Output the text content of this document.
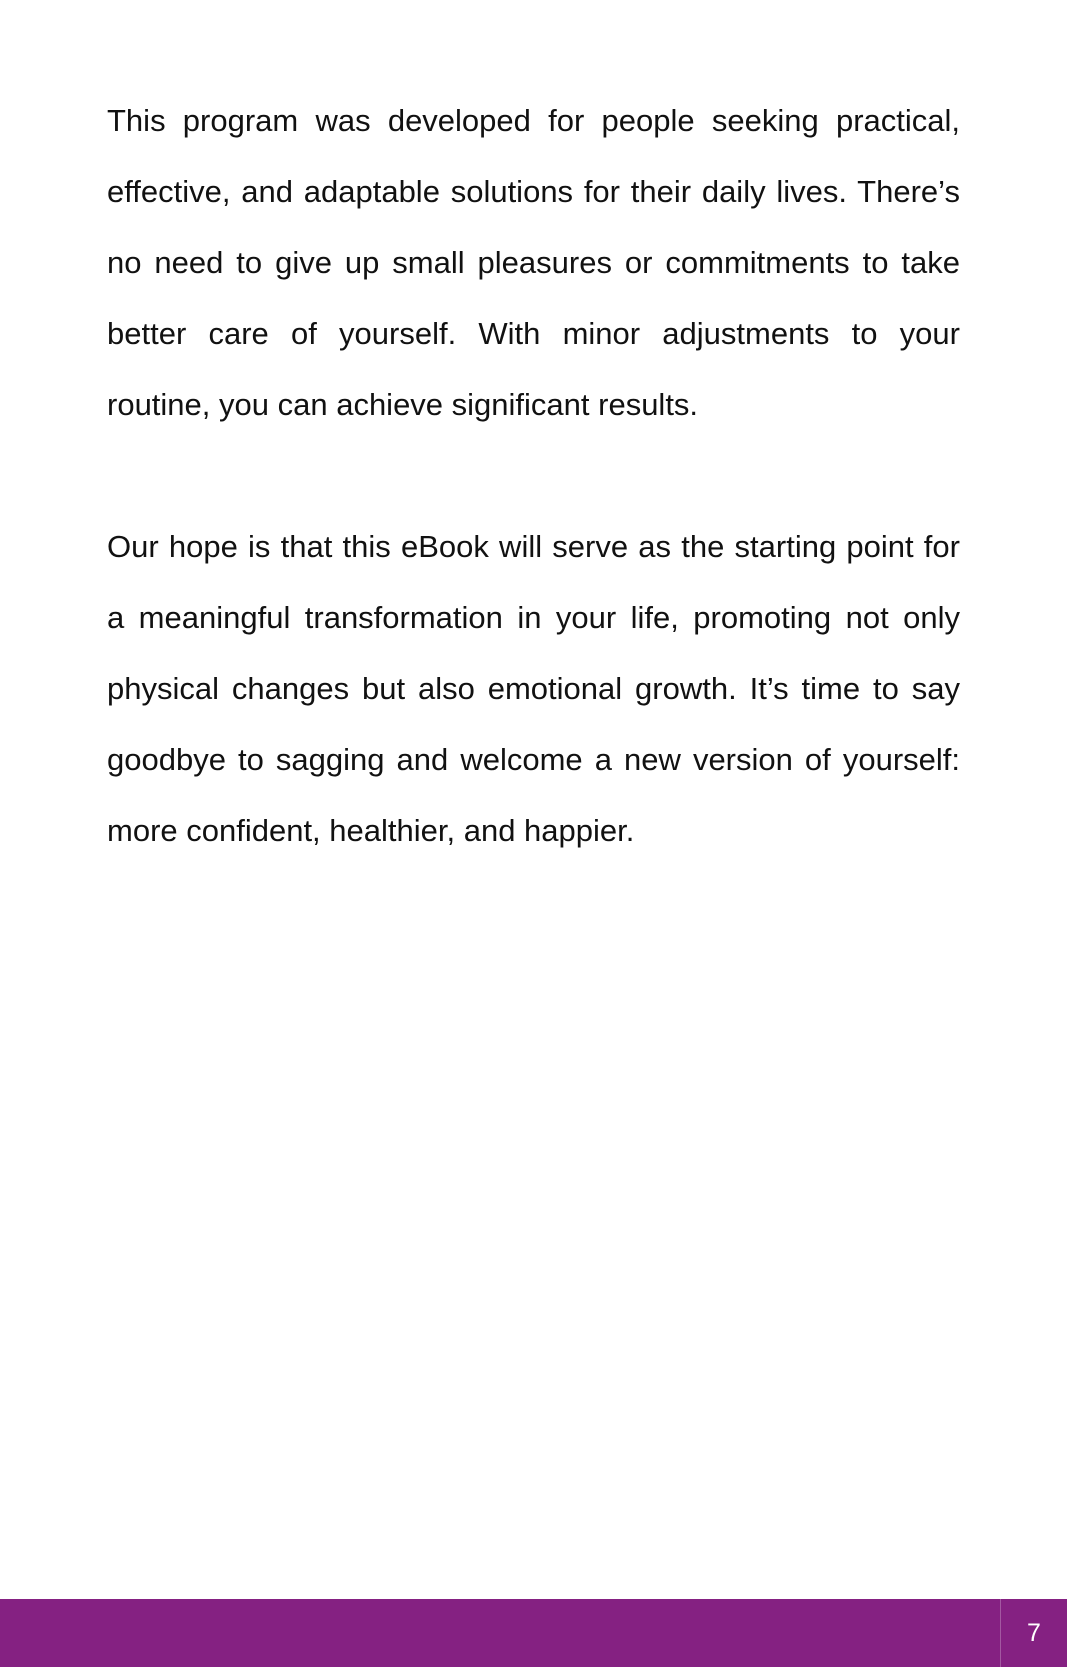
This program was developed for people seeking practical, effective, and adaptable solutions for their daily lives. There’s no need to give up small pleasures or commitments to take better care of yourself. With minor adjustments to your routine, you can achieve significant results.

Our hope is that this eBook will serve as the starting point for a meaningful transformation in your life, promoting not only physical changes but also emotional growth. It’s time to say goodbye to sagging and welcome a new version of yourself: more confident, healthier, and happier.

7
